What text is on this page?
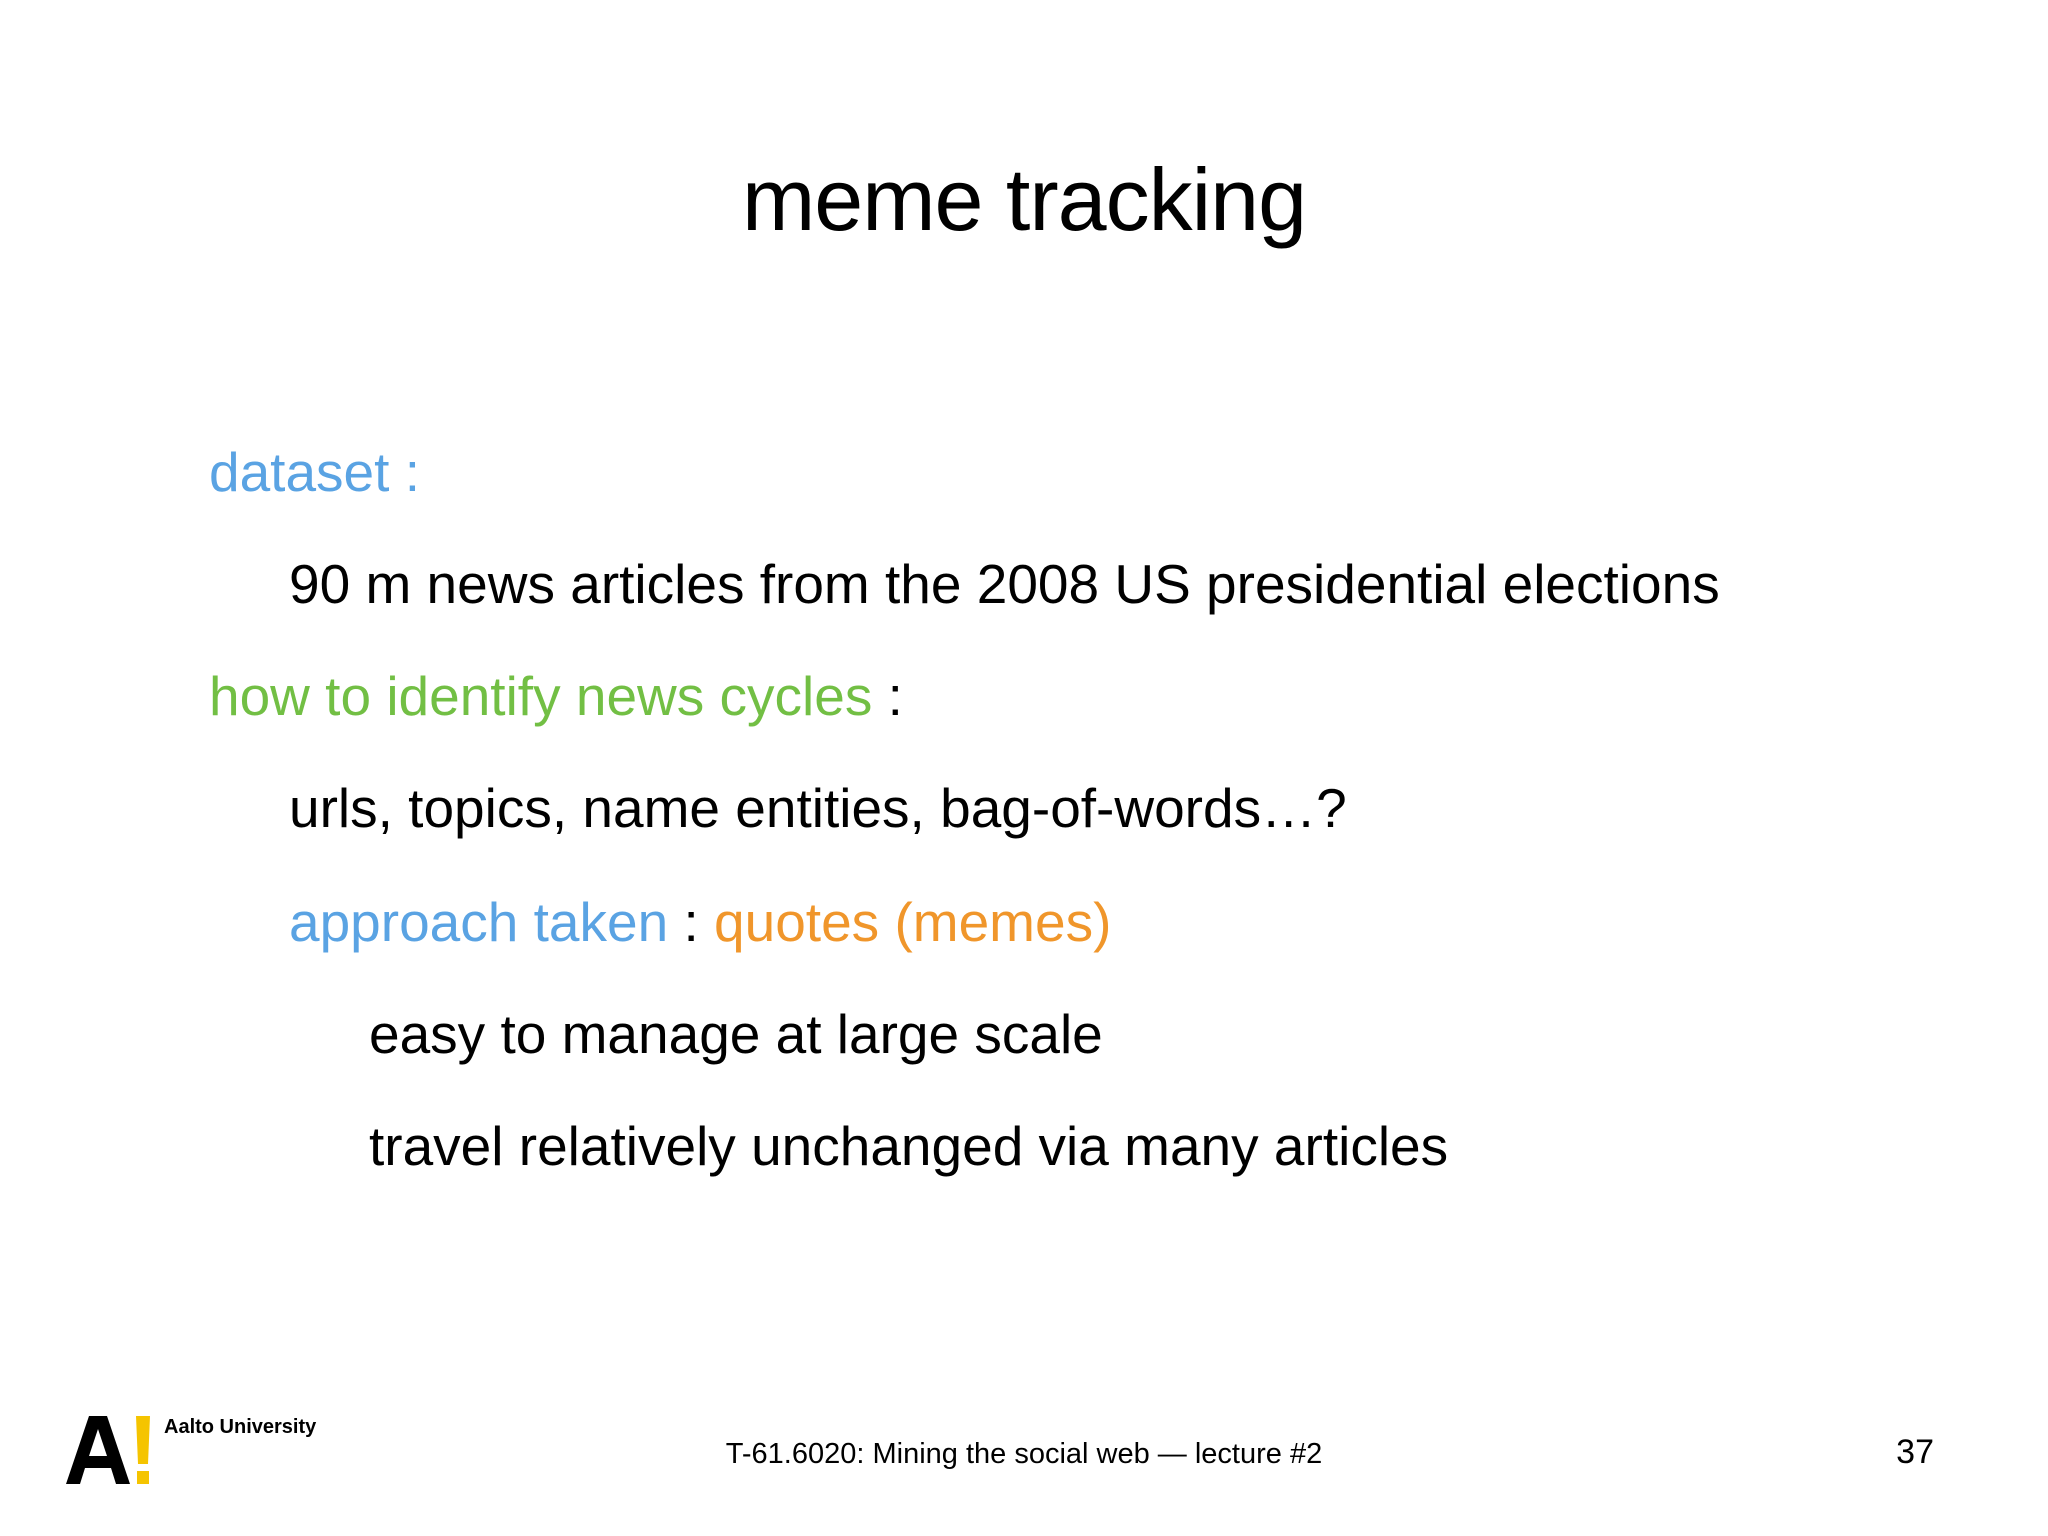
meme tracking
dataset :
90 m news articles from the 2008 US presidential elections
how to identify news cycles :
urls, topics, name entities, bag-of-words…?
approach taken : quotes (memes)
easy to manage at large scale
travel relatively unchanged via many articles
Aalto University
T-61.6020: Mining the social web — lecture #2	37
